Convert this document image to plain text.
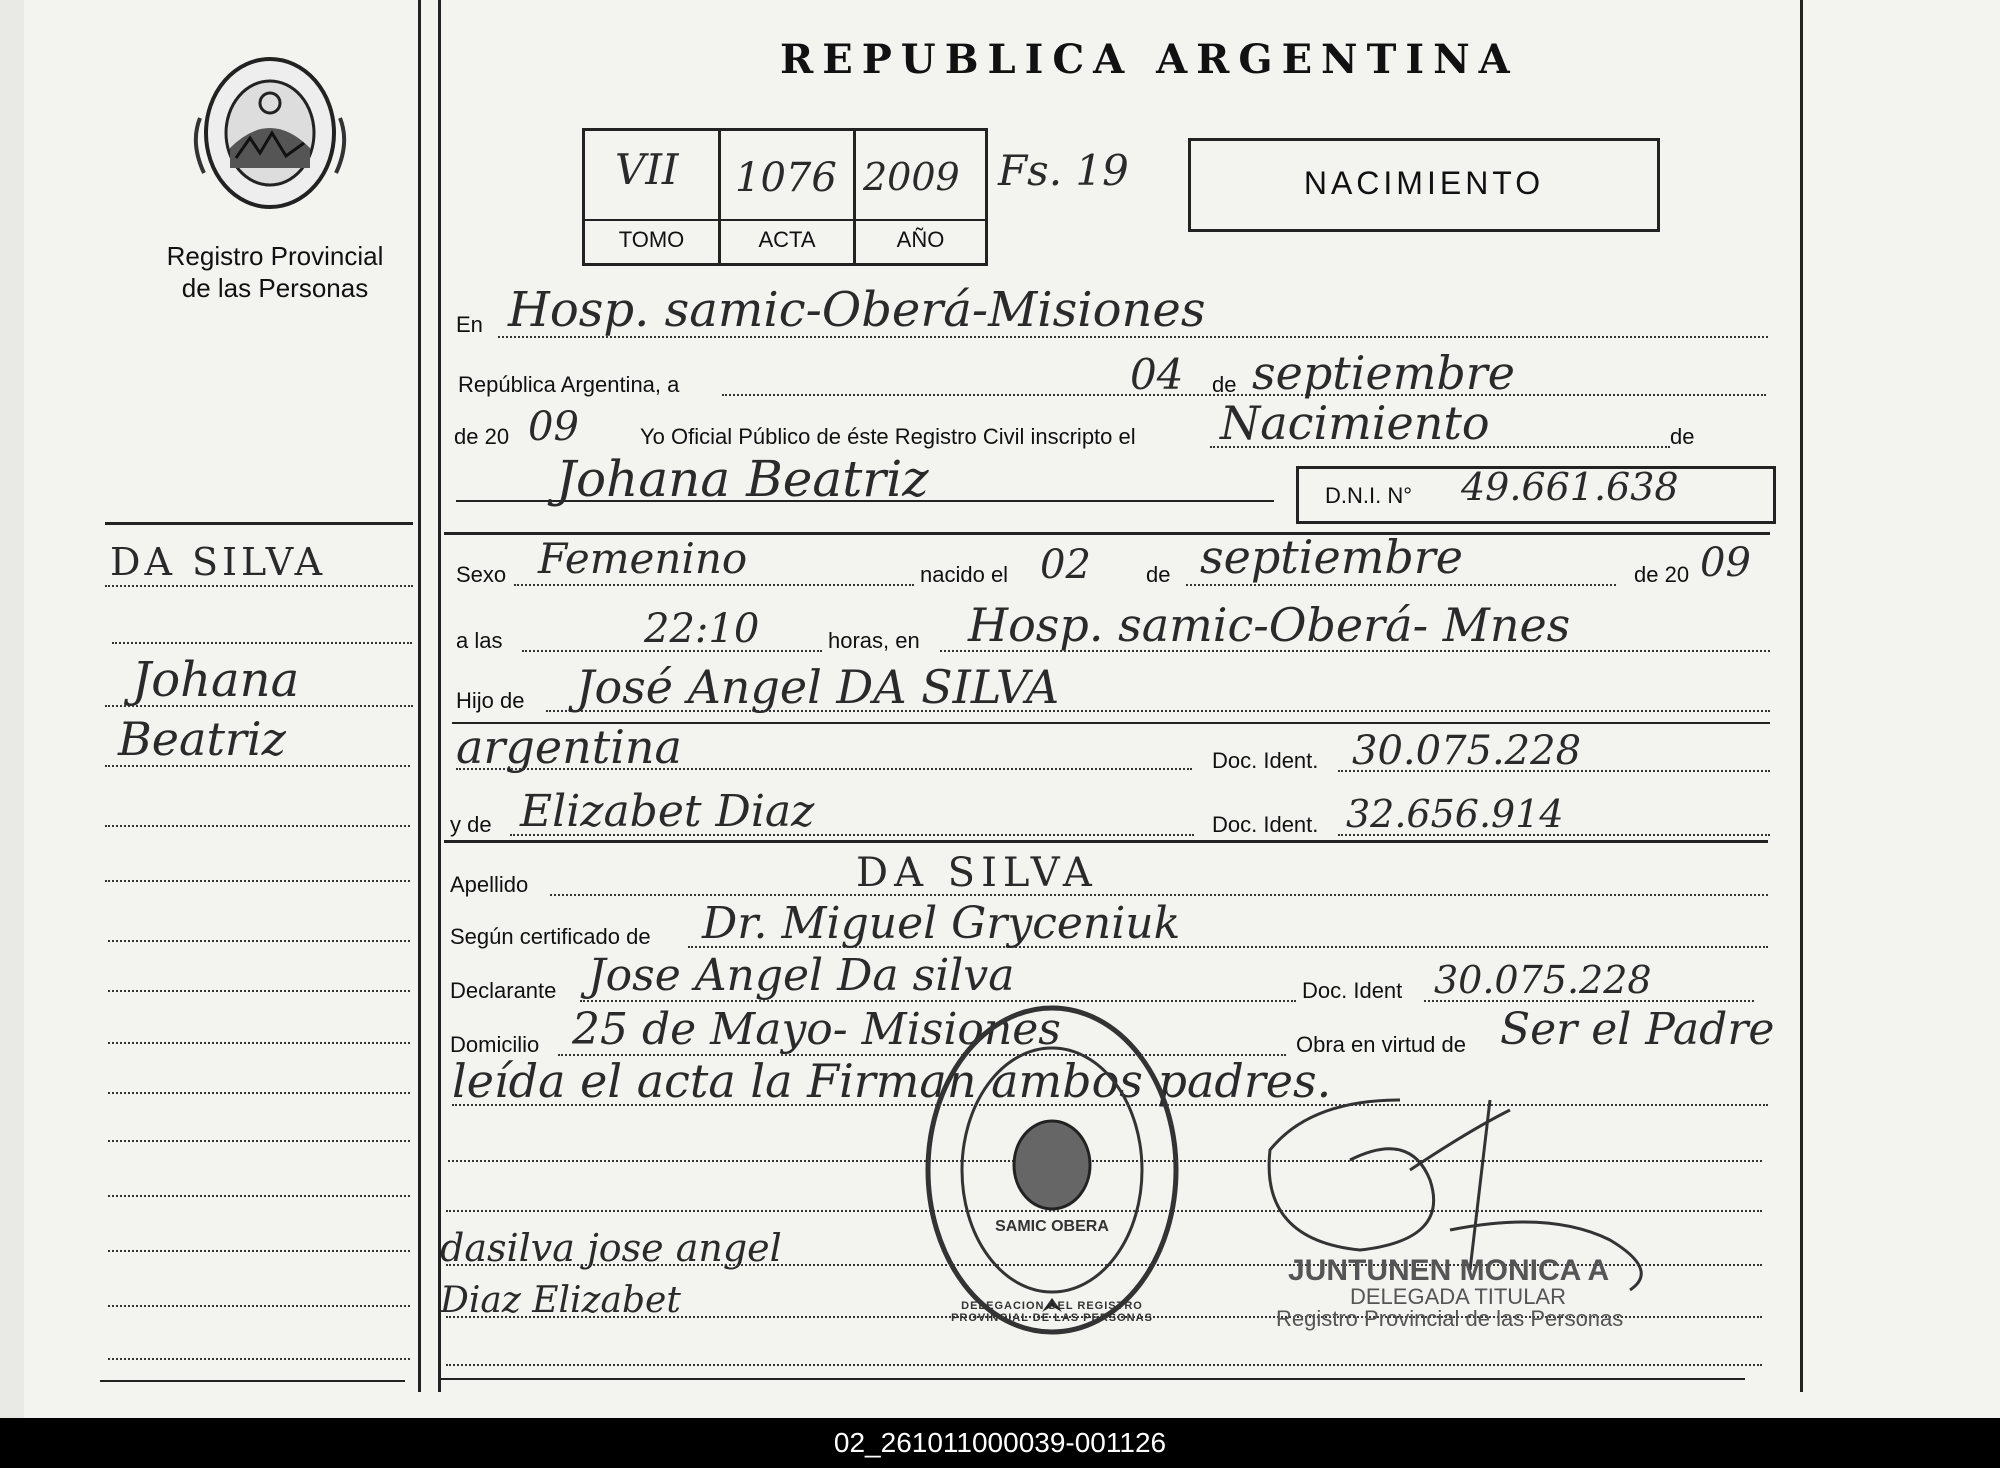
Registro Provincial
de las Personas
REPUBLICA ARGENTINA
VII 1076 2009
TOMO	ACTA	AÑO
Fs. 19	NACIMIENTO
DA SILVA
Johana
Beatriz
En Hosp. samic-Oberá-Misiones
República Argentina, a	04 de septiembre
de 20 09	Yo Oficial Público de éste Registro Civil inscripto el Nacimiento	de
Johana Beatriz	D.N.I. N° 49.661.638
Sexo Femenino	nacido el 02	de septiembre	de 20 09
a las	22:10	horas, en Hosp. samic-Oberá- Mnes
Hijo de José Angel DA SILVA
argentina	Doc. Ident. 30.075.228
y de Elizabet Diaz	Doc. Ident. 32.656.914
Apellido	DA SILVA
Según certificado de Dr. Miguel Gryceniuk
Declarante Jose Angel Da silva	Doc. Ident 30.075.228
Domicilio 25 de Mayo- Misiones	Obra en virtud de Ser el Padre
leída el acta la Firman ambos padres.
dasilva jose angel
Diaz Elizabet	DELEGACION DEL REGISTRO PROVINCIAL DE LAS PERSONAS
SAMIC OBERA
JUNTUNEN MONICA A
DELEGADA TITULAR
Registro Provincial de las Personas
02_261011000039-001126
